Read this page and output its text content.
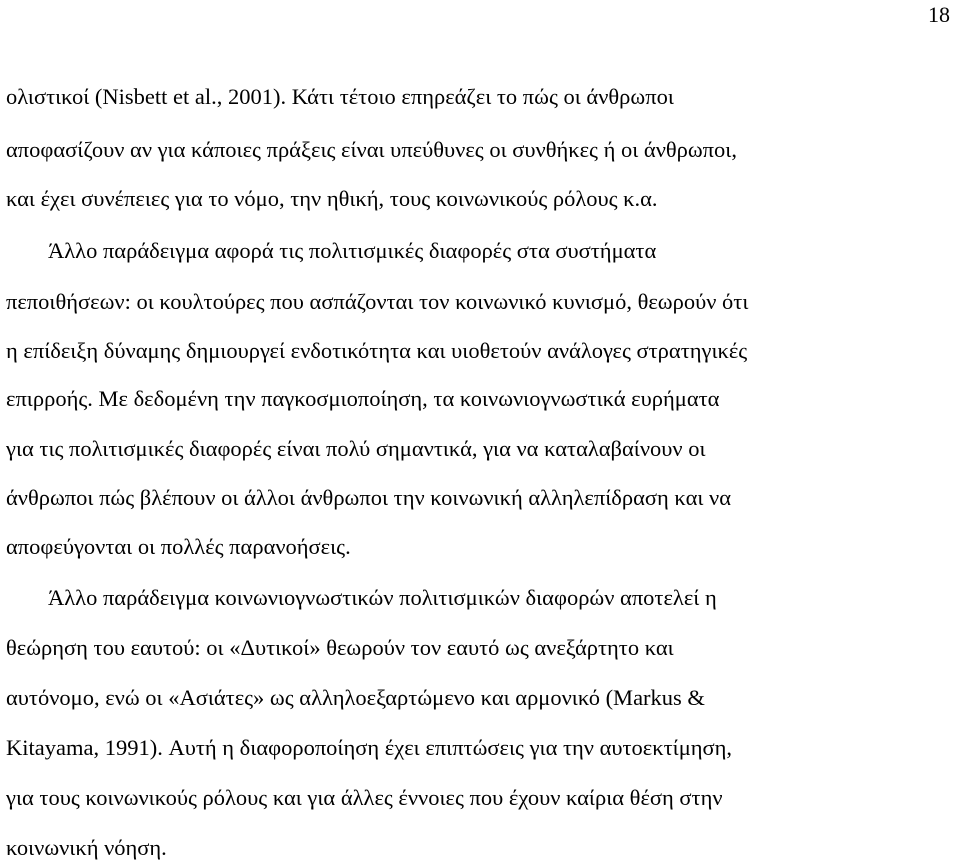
18
ολιστικοί (Nisbett et al., 2001). Κάτι τέτοιο επηρεάζει το πώς οι άνθρωποι
αποφασίζουν αν για κάποιες πράξεις είναι υπεύθυνες οι συνθήκες ή οι άνθρωποι,
και έχει συνέπειες για το νόμο, την ηθική, τους κοινωνικούς ρόλους κ.α.
Άλλο παράδειγμα αφορά τις πολιτισμικές διαφορές στα συστήματα
πεποιθήσεων: οι κουλτούρες που ασπάζονται τον κοινωνικό κυνισμό, θεωρούν ότι
η επίδειξη δύναμης δημιουργεί ενδοτικότητα και υιοθετούν ανάλογες στρατηγικές
επιρροής. Με δεδομένη την παγκοσμιοποίηση, τα κοινωνιογνωστικά ευρήματα
για τις πολιτισμικές διαφορές είναι πολύ σημαντικά, για να καταλαβαίνουν οι
άνθρωποι πώς βλέπουν οι άλλοι άνθρωποι την κοινωνική αλληλεπίδραση και να
αποφεύγονται οι πολλές παρανοήσεις.
Άλλο παράδειγμα κοινωνιογνωστικών πολιτισμικών διαφορών αποτελεί η
θεώρηση του εαυτού: οι «Δυτικοί» θεωρούν τον εαυτό ως ανεξάρτητο και
αυτόνομο, ενώ οι «Ασιάτες» ως αλληλοεξαρτώμενο και αρμονικό (Markus &
Kitayama, 1991). Αυτή η διαφοροποίηση έχει επιπτώσεις για την αυτοεκτίμηση,
για τους κοινωνικούς ρόλους και για άλλες έννοιες που έχουν καίρια θέση στην
κοινωνική νόηση.
